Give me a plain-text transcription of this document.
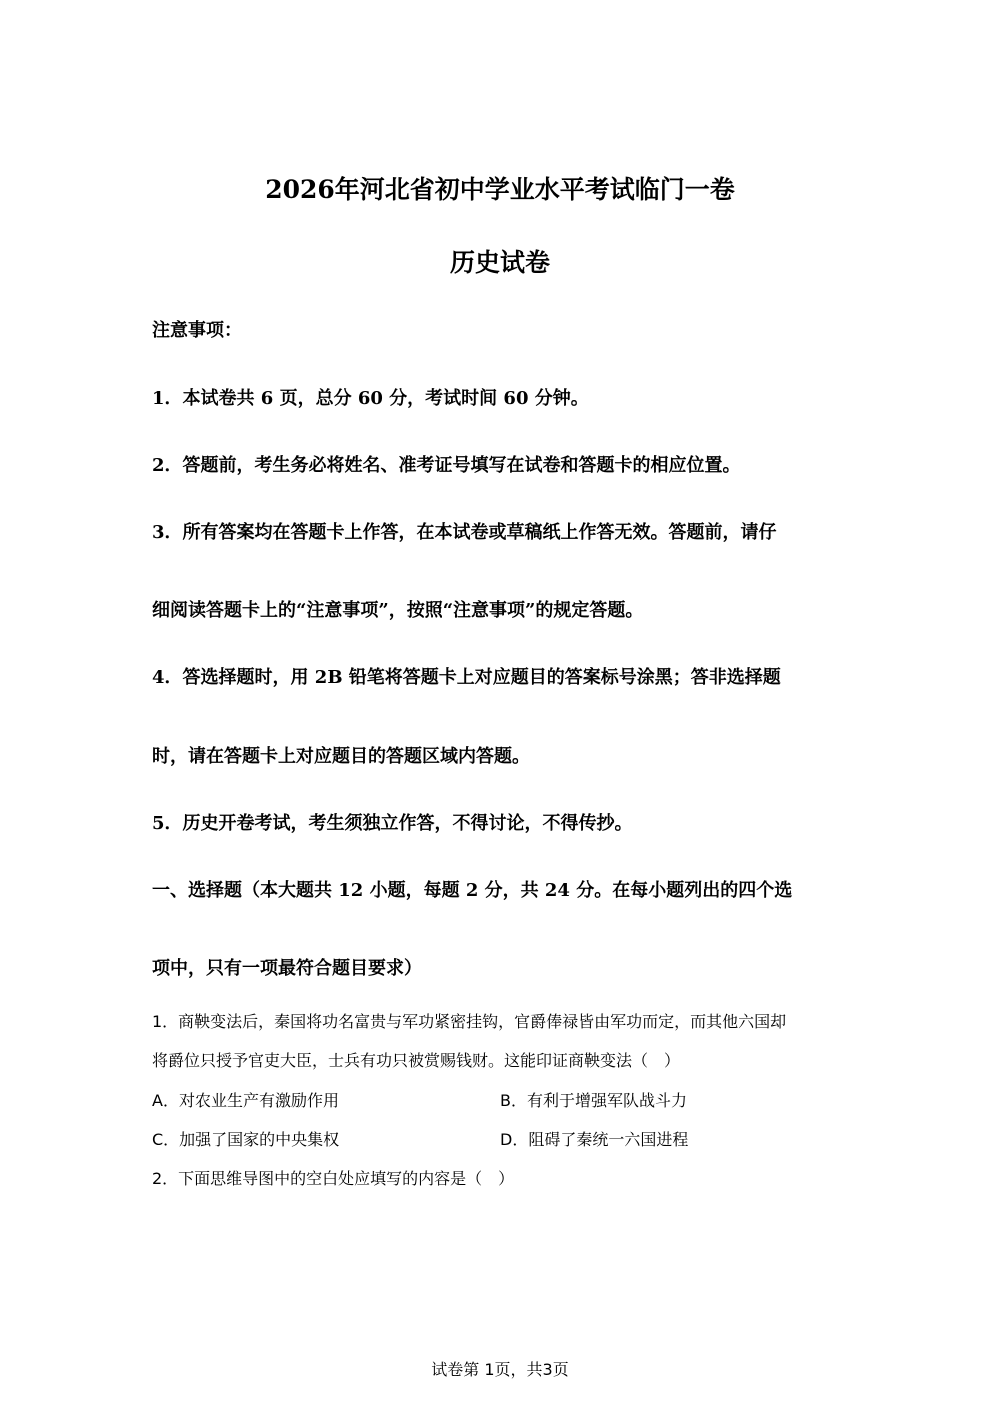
2026年河北省初中学业水平考试临门一卷
历史试卷
注意事项：
1．本试卷共 6 页，总分 60 分，考试时间 60 分钟。
2．答题前，考生务必将姓名、准考证号填写在试卷和答题卡的相应位置。
3．所有答案均在答题卡上作答，在本试卷或草稿纸上作答无效。答题前，请仔
细阅读答题卡上的“注意事项”，按照“注意事项”的规定答题。
4．答选择题时，用 2B 铅笔将答题卡上对应题目的答案标号涂黑；答非选择题
时，请在答题卡上对应题目的答题区域内答题。
5．历史开卷考试，考生须独立作答，不得讨论，不得传抄。
一、选择题（本大题共 12 小题，每题 2 分，共 24 分。在每小题列出的四个选
项中，只有一项最符合题目要求）
1．商鞅变法后，秦国将功名富贵与军功紧密挂钩，官爵俸禄皆由军功而定，而其他六国却
将爵位只授予官吏大臣，士兵有功只被赏赐钱财。这能印证商鞅变法（　）
A．对农业生产有激励作用	B．有利于增强军队战斗力
C．加强了国家的中央集权	D．阻碍了秦统一六国进程
2．下面思维导图中的空白处应填写的内容是（　）
试卷第 1页，共3页
